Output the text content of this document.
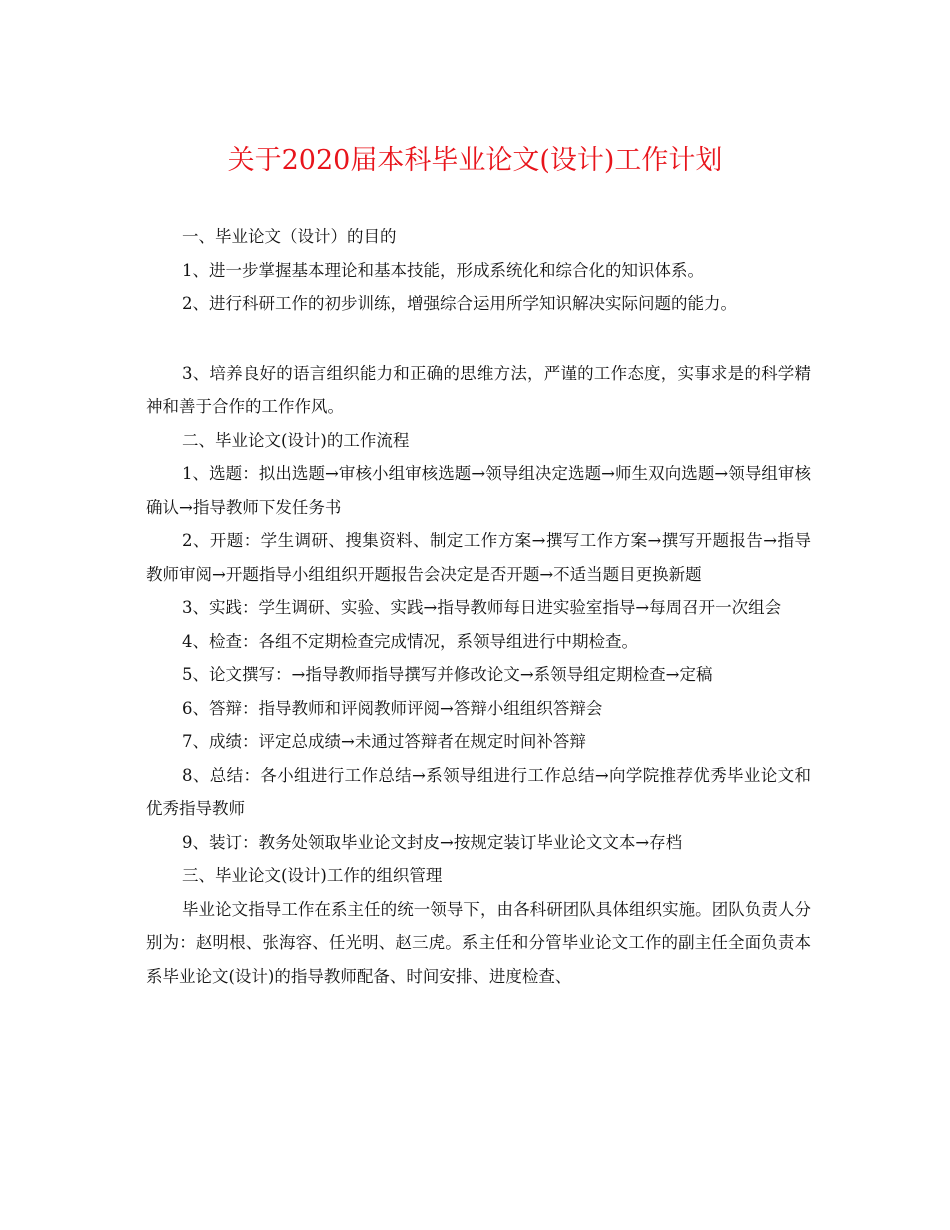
关于2020届本科毕业论文(设计)工作计划

一、毕业论文（设计）的目的

1、进一步掌握基本理论和基本技能，形成系统化和综合化的知识体系。

2、进行科研工作的初步训练，增强综合运用所学知识解决实际问题的能力。

3、培养良好的语言组织能力和正确的思维方法，严谨的工作态度，实事求是的科学精神和善于合作的工作作风。

二、毕业论文(设计)的工作流程

1、选题：拟出选题→审核小组审核选题→领导组决定选题→师生双向选题→领导组审核确认→指导教师下发任务书

2、开题：学生调研、搜集资料、制定工作方案→撰写工作方案→撰写开题报告→指导教师审阅→开题指导小组组织开题报告会决定是否开题→不适当题目更换新题

3、实践：学生调研、实验、实践→指导教师每日进实验室指导→每周召开一次组会

4、检查：各组不定期检查完成情况，系领导组进行中期检查。

5、论文撰写：→指导教师指导撰写并修改论文→系领导组定期检查→定稿

6、答辩：指导教师和评阅教师评阅→答辩小组组织答辩会

7、成绩：评定总成绩→未通过答辩者在规定时间补答辩

8、总结：各小组进行工作总结→系领导组进行工作总结→向学院推荐优秀毕业论文和优秀指导教师

9、装订：教务处领取毕业论文封皮→按规定装订毕业论文文本→存档

三、毕业论文(设计)工作的组织管理

毕业论文指导工作在系主任的统一领导下，由各科研团队具体组织实施。团队负责人分别为：赵明根、张海容、任光明、赵三虎。系主任和分管毕业论文工作的副主任全面负责本系毕业论文(设计)的指导教师配备、时间安排、进度检查、
